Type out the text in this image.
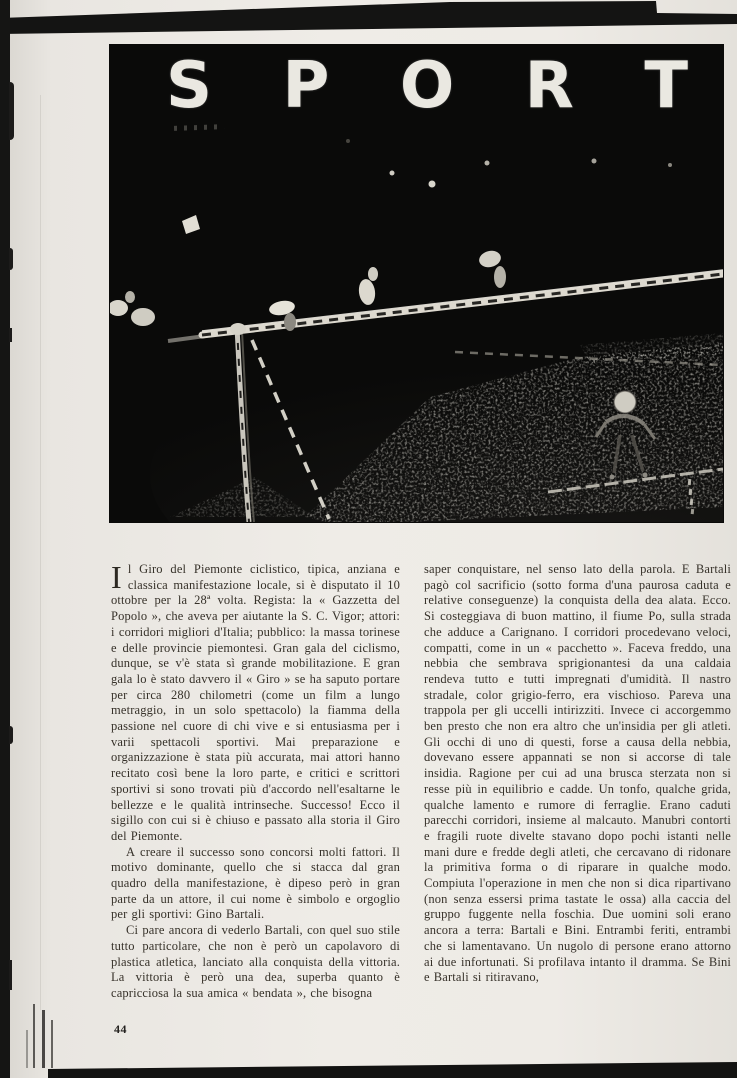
S P O R T

Il Giro del Piemonte ciclistico, tipica, anziana e classica manifestazione locale, si è disputato il 10 ottobre per la 28ª volta. Regista: la « Gazzetta del Popolo », che aveva per aiutante la S. C. Vigor; attori: i corridori migliori d'Italia; pubblico: la massa torinese e delle provincie piemontesi. Gran gala del ciclismo, dunque, se v'è stata sì grande mobilitazione. E gran gala lo è stato davvero il « Giro » se ha saputo portare per circa 280 chilometri (come un film a lungo metraggio, in un solo spettacolo) la fiamma della passione nel cuore di chi vive e si entusiasma per i varii spettacoli sportivi. Mai preparazione e organizzazione è stata più accurata, mai attori hanno recitato così bene la loro parte, e critici e scrittori sportivi si sono trovati più d'accordo nell'esaltarne le bellezze e le qualità intrinseche. Successo! Ecco il sigillo con cui si è chiuso e passato alla storia il Giro del Piemonte.

A creare il successo sono concorsi molti fattori. Il motivo dominante, quello che si stacca dal gran quadro della manifestazione, è dipeso però in gran parte da un attore, il cui nome è simbolo e orgoglio per gli sportivi: Gino Bartali.

Ci pare ancora di vederlo Bartali, con quel suo stile tutto particolare, che non è però un capolavoro di plastica atletica, lanciato alla conquista della vittoria. La vittoria è però una dea, superba quanto è capricciosa la sua amica « bendata », che bisogna

saper conquistare, nel senso lato della parola. E Bartali pagò col sacrificio (sotto forma d'una paurosa caduta e relative conseguenze) la conquista della dea alata. Ecco. Si costeggiava di buon mattino, il fiume Po, sulla strada che adduce a Carignano. I corridori procedevano veloci, compatti, come in un « pacchetto ». Faceva freddo, una nebbia che sembrava sprigionantesi da una caldaia rendeva tutto e tutti impregnati d'umidità. Il nastro stradale, color grigio-ferro, era vischioso. Pareva una trappola per gli uccelli intirizziti. Invece ci accorgemmo ben presto che non era altro che un'insidia per gli atleti. Gli occhi di uno di questi, forse a causa della nebbia, dovevano essere appannati se non si accorse di tale insidia. Ragione per cui ad una brusca sterzata non si resse più in equilibrio e cadde. Un tonfo, qualche grida, qualche lamento e rumore di ferraglie. Erano caduti parecchi corridori, insieme al malcauto. Manubri contorti e fragili ruote divelte stavano dopo pochi istanti nelle mani dure e fredde degli atleti, che cercavano di ridonare la primitiva forma o di riparare in qualche modo. Compiuta l'operazione in men che non si dica ripartivano (non senza essersi prima tastate le ossa) alla caccia del gruppo fuggente nella foschia. Due uomini soli erano ancora a terra: Bartali e Bini. Entrambi feriti, entrambi che si lamentavano. Un nugolo di persone erano attorno ai due infortunati. Si profilava intanto il dramma. Se Bini e Bartali si ritiravano,

44
